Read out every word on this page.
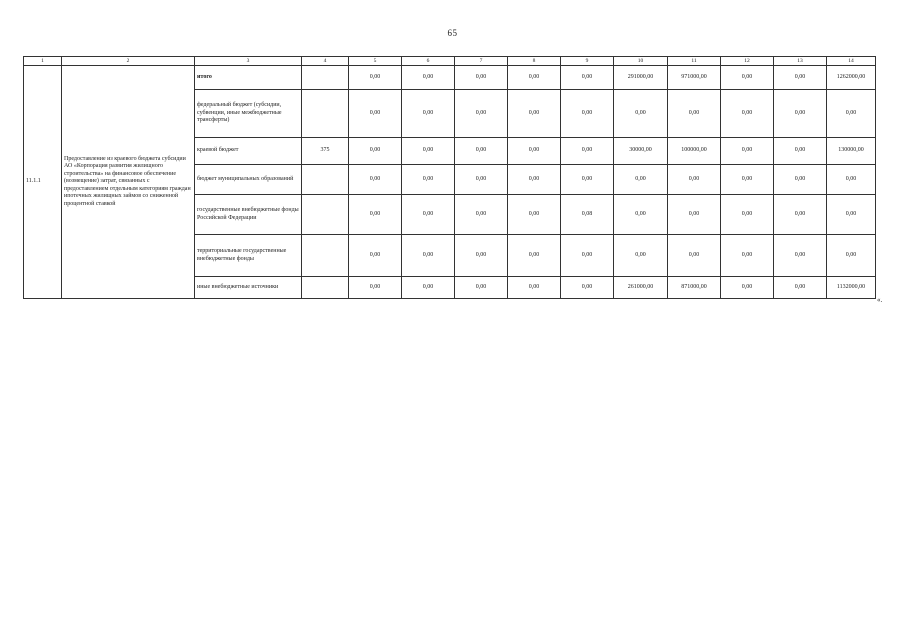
65
1	2	3	4	5	6	7	8	9	10	11	12	13	14
11.1.1	Предоставление из краевого бюджета субсидии АО «Корпорация развития жилищного строительства» на финансовое обеспечение (возмещение) затрат, связанных с предоставлением отдельным категориям граждан ипотечных жилищных займов со сниженной процентной ставкой	итого		0,00	0,00	0,00	0,00	0,00	291000,00	971000,00	0,00	0,00	1262000,00
		федеральный бюджет (субсидии, субвенции, иные межбюджетные трансферты)		0,00	0,00	0,00	0,00	0,00	0,00	0,00	0,00	0,00	0,00
		краевой бюджет	375	0,00	0,00	0,00	0,00	0,00	30000,00	100000,00	0,00	0,00	130000,00
		бюджет муниципальных образований		0,00	0,00	0,00	0,00	0,00	0,00	0,00	0,00	0,00	0,00
		государственные внебюджетные фонды Российской Федерации		0,00	0,00	0,00	0,00	0,08	0,00	0,00	0,00	0,00	0,00
		территориальные государственные внебюджетные фонды		0,00	0,00	0,00	0,00	0,00	0,00	0,00	0,00	0,00	0,00
		иные внебюджетные источники		0,00	0,00	0,00	0,00	0,00	261000,00	871000,00	0,00	0,00	1132000,00
«.
